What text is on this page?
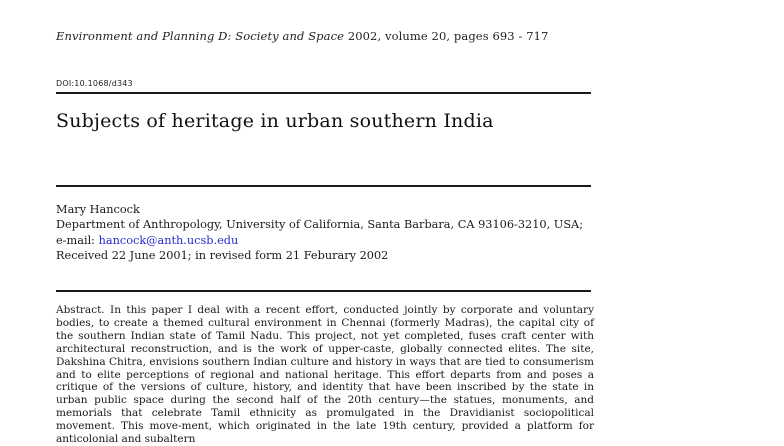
Environment and Planning D: Society and Space 2002, volume 20, pages 693 - 717
DOI:10.1068/d343
Subjects of heritage in urban southern India
Mary Hancock
Department of Anthropology, University of California, Santa Barbara, CA 93106-3210, USA;
e-mail: hancock@anth.ucsb.edu
Received 22 June 2001; in revised form 21 Feburary 2002
Abstract. In this paper I deal with a recent effort, conducted jointly by corporate and voluntary bodies, to create a themed cultural environment in Chennai (formerly Madras), the capital city of the southern Indian state of Tamil Nadu. This project, not yet completed, fuses craft center with architectural reconstruction, and is the work of upper-caste, globally connected elites. The site, Dakshina Chitra, envisions southern Indian culture and history in ways that are tied to consumerism and to elite perceptions of regional and national heritage. This effort departs from and poses a critique of the versions of culture, history, and identity that have been inscribed by the state in urban public space during the second half of the 20th century—the statues, monuments, and memorials that celebrate Tamil ethnicity as promulgated in the Dravidianist sociopolitical movement. This move-ment, which originated in the late 19th century, provided a platform for anticolonial and subaltern
